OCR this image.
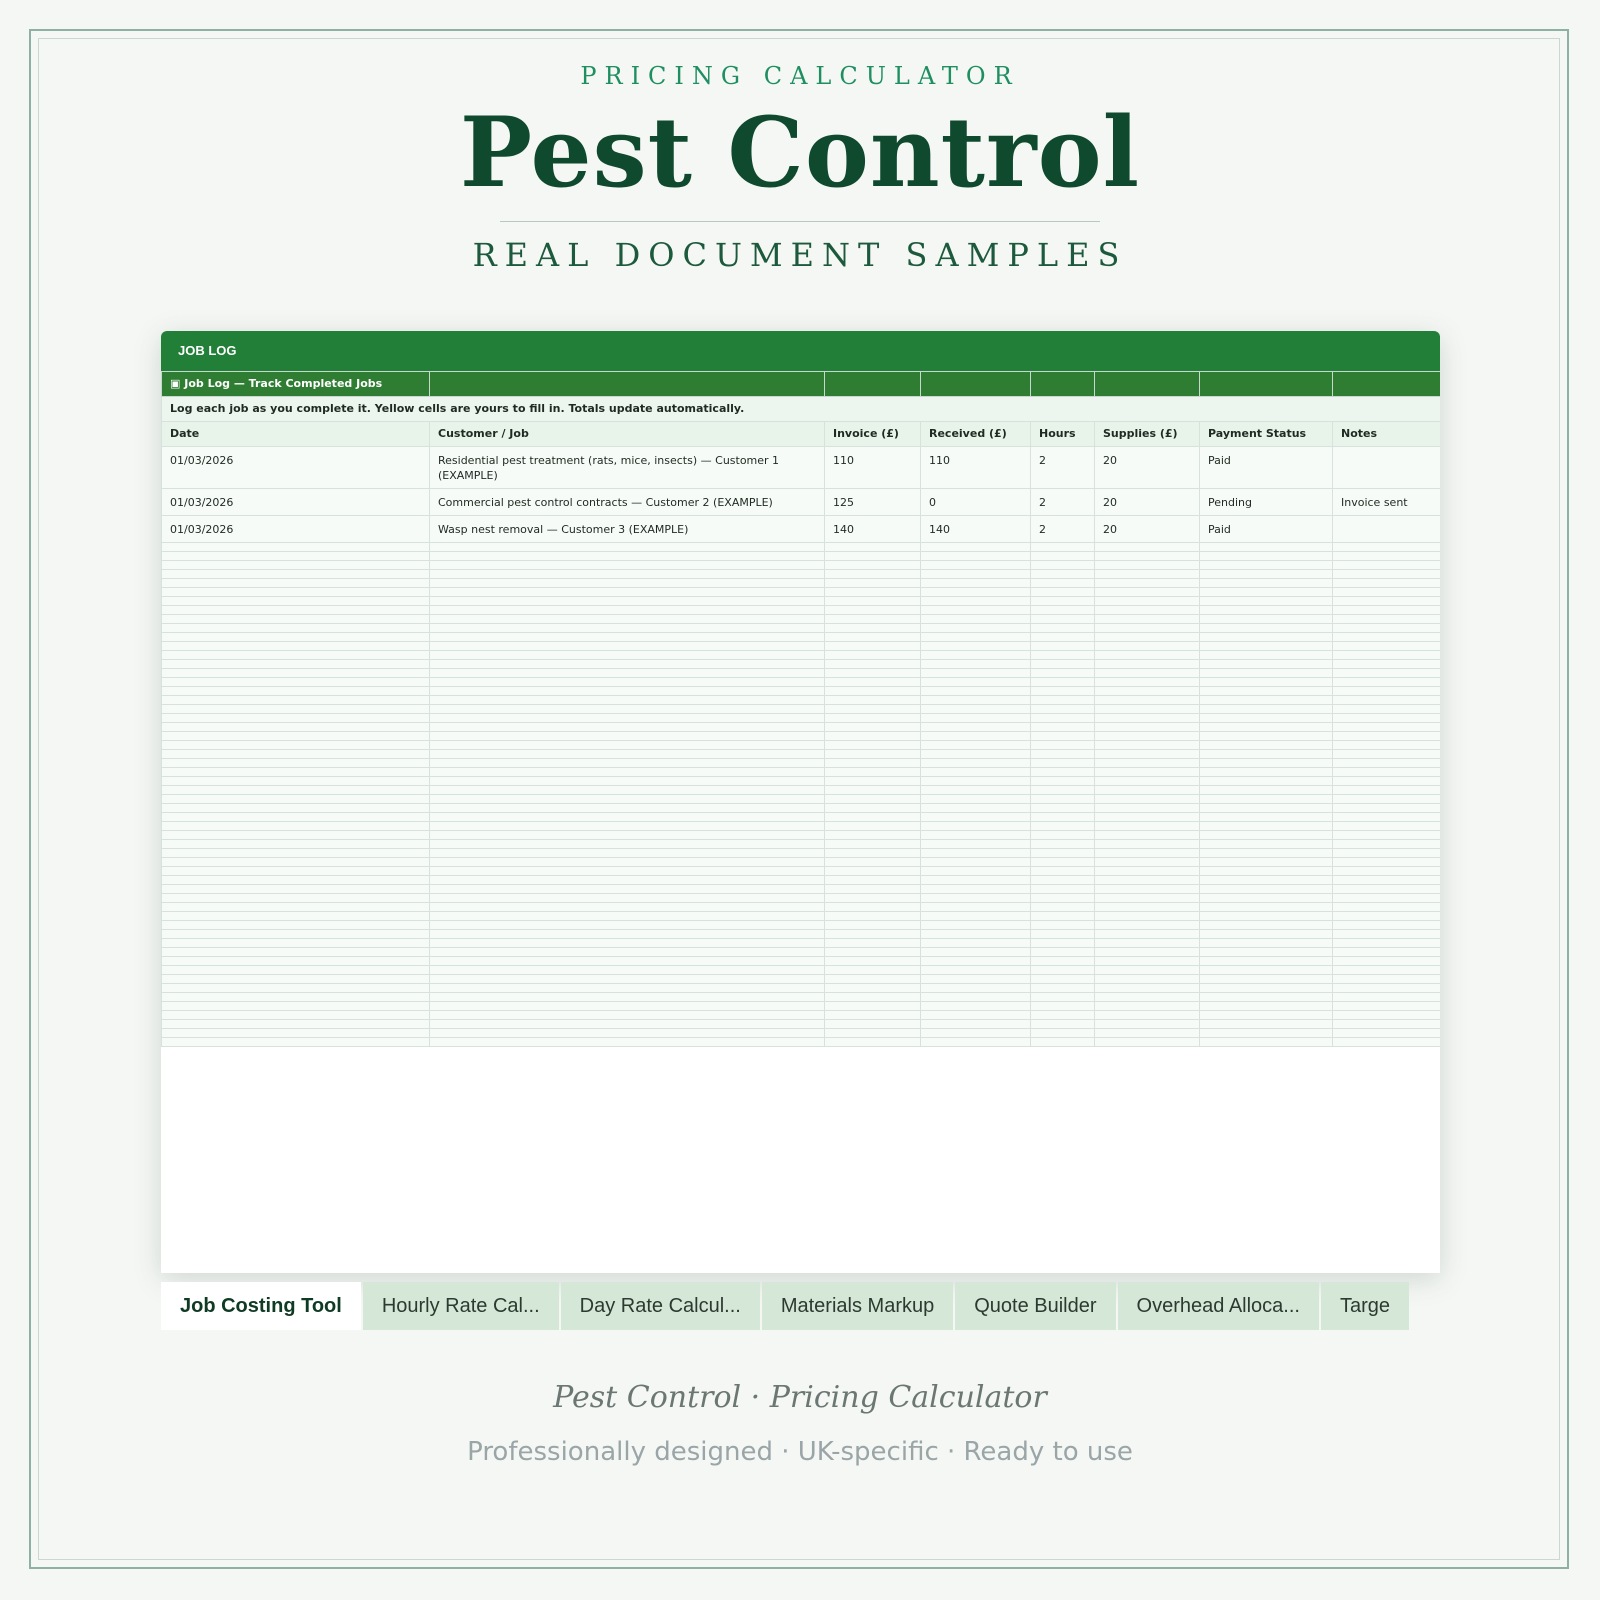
PRICING CALCULATOR
Pest Control
REAL DOCUMENT SAMPLES
JOB LOG
▣ Job Log — Track Completed Jobs							
Log each job as you complete it. Yellow cells are yours to fill in. Totals update automatically.							
Date	Customer / Job	Invoice (£)	Received (£)	Hours	Supplies (£)	Payment Status	Notes
01/03/2026	Residential pest treatment (rats, mice, insects) — Customer 1 (EXAMPLE)	110	110	2	20	Paid	
01/03/2026	Commercial pest control contracts — Customer 2 (EXAMPLE)	125	0	2	20	Pending	Invoice sent
01/03/2026	Wasp nest removal — Customer 3 (EXAMPLE)	140	140	2	20	Paid	

Job Costing Tool Hourly Rate Cal... Day Rate Calcul... Materials Markup Quote Builder Overhead Alloca... Targe
Pest Control · Pricing Calculator
Professionally designed · UK-specific · Ready to use
